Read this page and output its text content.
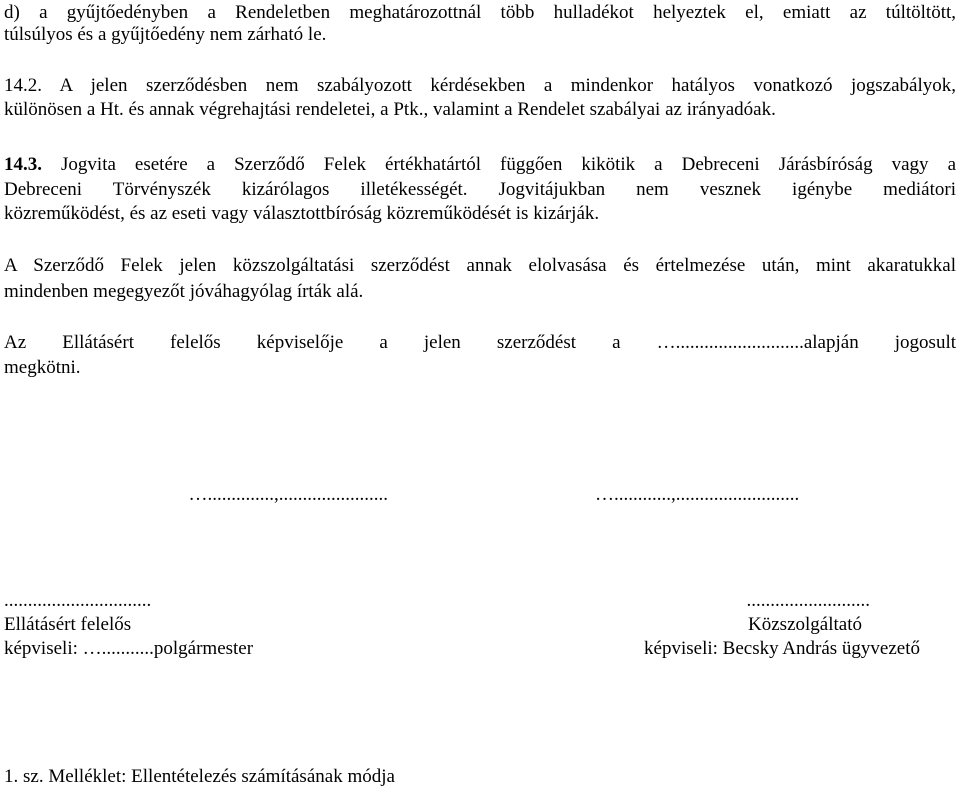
d) a gyűjtőedényben a Rendeletben meghatározottnál több hulladékot helyeztek el, emiatt az túltöltött,
túlsúlyos és a gyűjtőedény nem zárható le.
14.2. A jelen szerződésben nem szabályozott kérdésekben a mindenkor hatályos vonatkozó jogszabályok,
különösen a Ht. és annak végrehajtási rendeletei, a Ptk., valamint a Rendelet szabályai az irányadóak.
14.3. Jogvita esetére a Szerződő Felek értékhatártól függően kikötik a Debreceni Járásbíróság vagy a
Debreceni Törvényszék kizárólagos illetékességét. Jogvitájukban nem vesznek igénybe mediátori
közreműködést, és az eseti vagy választottbíróság közreműködését is kizárják.
A Szerződő Felek jelen közszolgáltatási szerződést annak elolvasása és értelmezése után, mint akaratukkal
mindenben megegyezőt jóváhagyólag írták alá.
Az Ellátásért felelős képviselője a jelen szerződést a …...........................alapján jogosult
megkötni.
…..............,.......................	…............,..........................
...............................	..........................
Ellátásért felelős	Közszolgáltató
képviseli: …...........polgármester	képviseli: Becsky András ügyvezető
1. sz. Melléklet: Ellentételezés számításának módja
